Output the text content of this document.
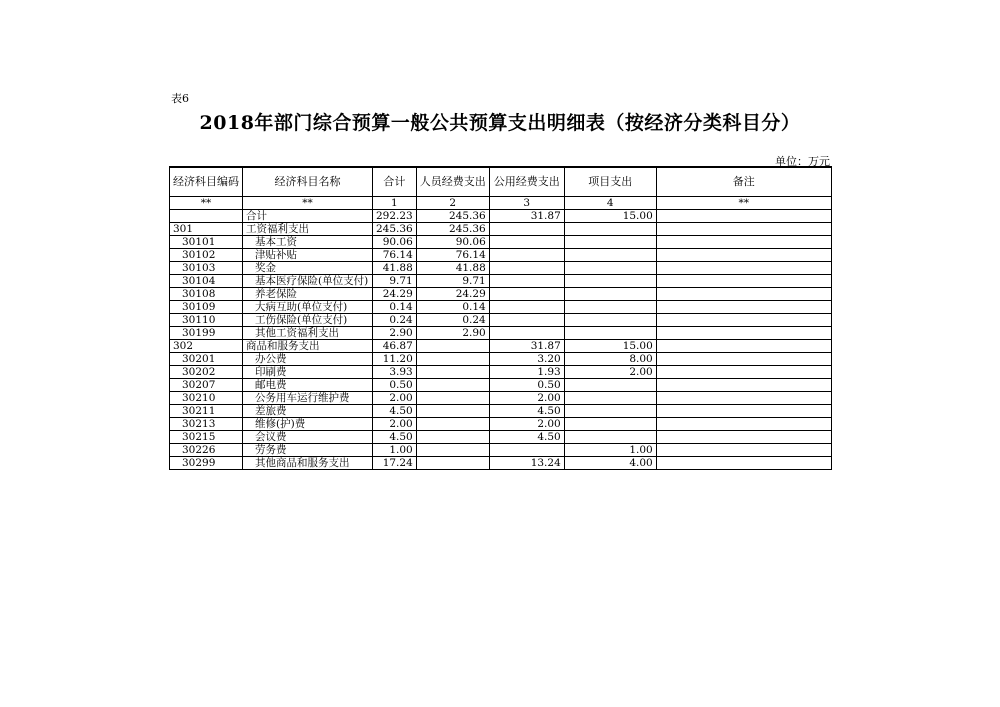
表6
2018年部门综合预算一般公共预算支出明细表（按经济分类科目分）
单位：万元
经济科目编码	经济科目名称	合计	人员经费支出	公用经费支出	项目支出	备注
**	**	1	2	3	4	**
	合计	292.23	245.36	31.87	15.00	
301	工资福利支出	245.36	245.36			
30101	基本工资	90.06	90.06			
30102	津贴补贴	76.14	76.14			
30103	奖金	41.88	41.88			
30104	基本医疗保险(单位支付)	9.71	9.71			
30108	养老保险	24.29	24.29			
30109	大病互助(单位支付)	0.14	0.14			
30110	工伤保险(单位支付)	0.24	0.24			
30199	其他工资福利支出	2.90	2.90			
302	商品和服务支出	46.87		31.87	15.00	
30201	办公费	11.20		3.20	8.00	
30202	印刷费	3.93		1.93	2.00	
30207	邮电费	0.50		0.50		
30210	公务用车运行维护费	2.00		2.00		
30211	差旅费	4.50		4.50		
30213	维修(护)费	2.00		2.00		
30215	会议费	4.50		4.50		
30226	劳务费	1.00			1.00	
30299	其他商品和服务支出	17.24		13.24	4.00	
